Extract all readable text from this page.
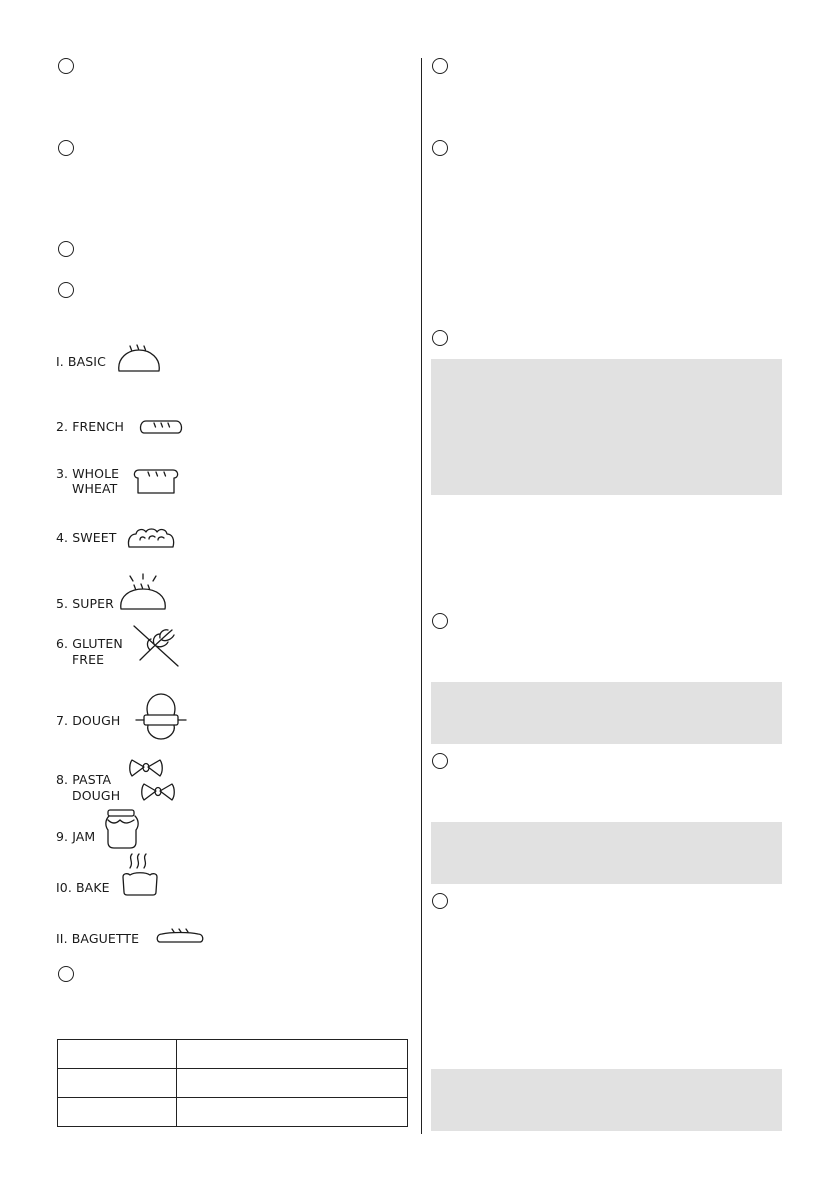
I. BASIC
2. FRENCH
3. WHOLE
WHEAT
4. SWEET
5. SUPER
6. GLUTEN
FREE
7. DOUGH
8. PASTA
DOUGH
9. JAM
I0. BAKE
II. BAGUETTE
